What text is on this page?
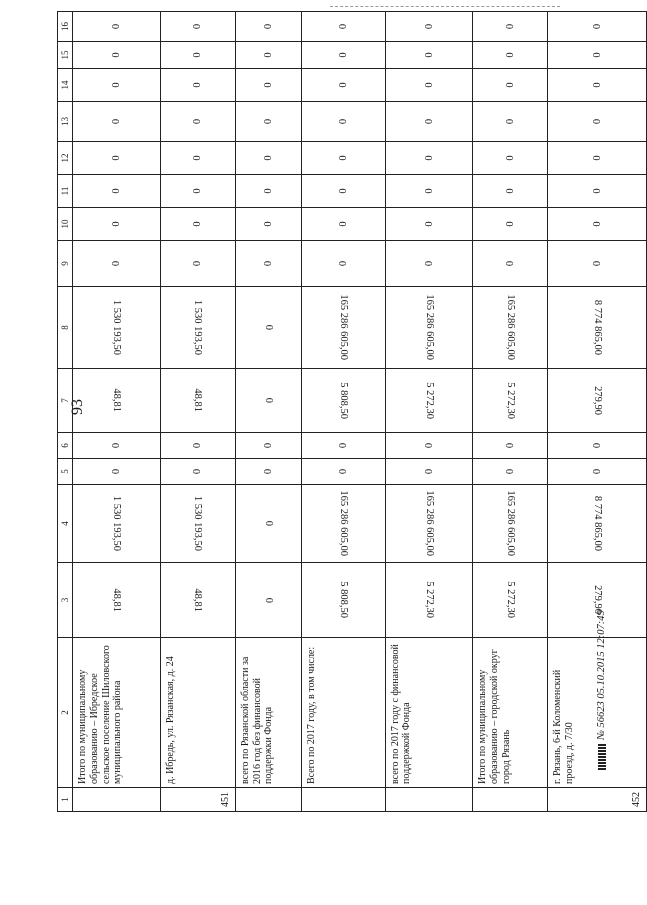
93
1	2	3	4	5	6	7	8	9	10	11	12	13	14	15	16
	Итого по муниципальному образованию – Ибредское сельское поселение Шиловского муниципального района	48,81	1 530 193,50	0	0	48,81	1 530 193,50	0	0	0	0	0	0	0	0
451	д. Ибредь, ул. Рязанская, д. 24	48,81	1 530 193,50	0	0	48,81	1 530 193,50	0	0	0	0	0	0	0	0
	всего по Рязанской области за 2016 год без финансовой поддержки Фонда	0	0	0	0	0	0	0	0	0	0	0	0	0	0
	Всего по 2017 году, в том числе:	5 808,50	165 286 605,00	0	0	5 808,50	165 286 605,00	0	0	0	0	0	0	0	0
	всего по 2017 году с финансовой поддержкой Фонда	5 272,30	165 286 605,00	0	0	5 272,30	165 286 605,00	0	0	0	0	0	0	0	0
	Итого по муниципальному образованию – городской округ город Рязань	5 272,30	165 286 605,00	0	0	5 272,30	165 286 605,00	0	0	0	0	0	0	0	0
452	г. Рязань, 6-й Коломенский проезд, д. 7/30	279,90	8 774 865,00	0	0	279,90	8 774 865,00	0	0	0	0	0	0	0	0
№ 56623 05.10.2015 12:07:49
